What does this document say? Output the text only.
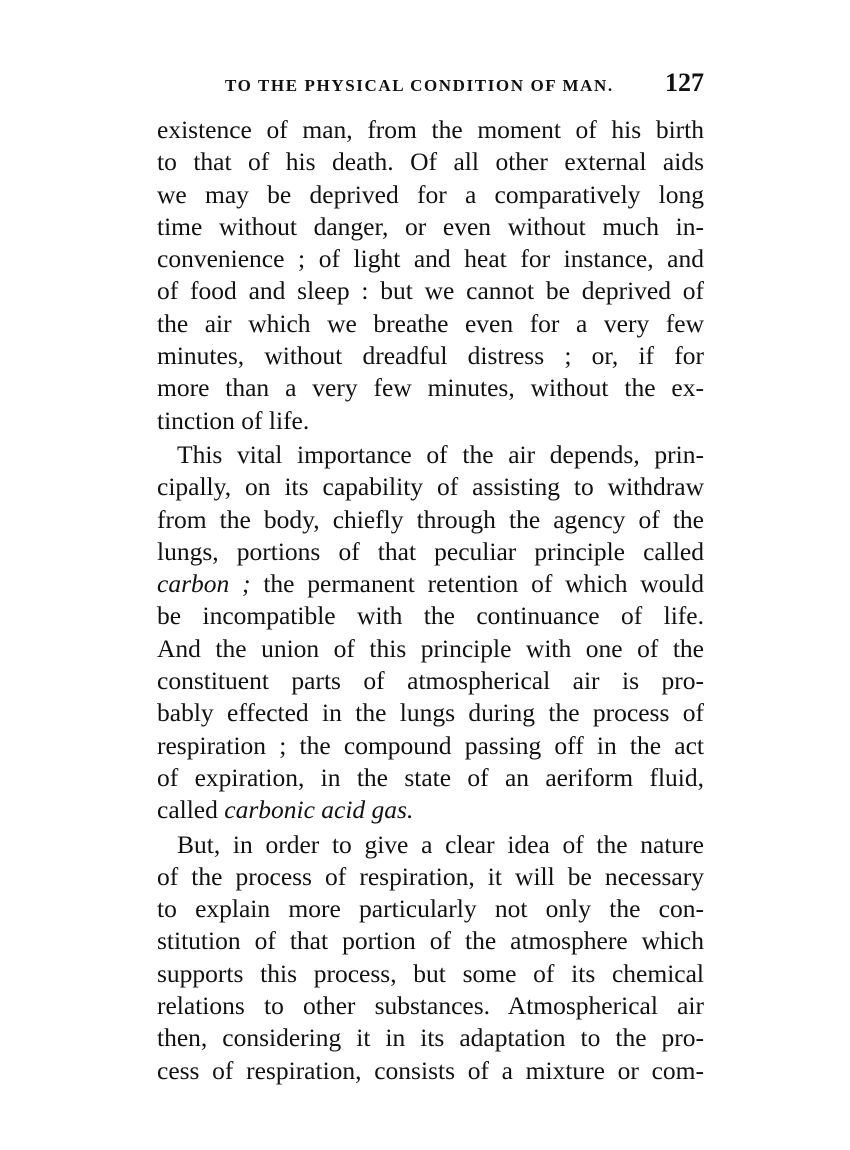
TO THE PHYSICAL CONDITION OF MAN. 127
existence of man, from the moment of his birth
to that of his death. Of all other external aids
we may be deprived for a comparatively long
time without danger, or even without much in-
convenience ; of light and heat for instance, and
of food and sleep : but we cannot be deprived of
the air which we breathe even for a very few
minutes, without dreadful distress ; or, if for
more than a very few minutes, without the ex-
tinction of life.
This vital importance of the air depends, prin-
cipally, on its capability of assisting to withdraw
from the body, chiefly through the agency of the
lungs, portions of that peculiar principle called
carbon ; the permanent retention of which would
be incompatible with the continuance of life.
And the union of this principle with one of the
constituent parts of atmospherical air is pro-
bably effected in the lungs during the process of
respiration ; the compound passing off in the act
of expiration, in the state of an aeriform fluid,
called carbonic acid gas.
But, in order to give a clear idea of the nature
of the process of respiration, it will be necessary
to explain more particularly not only the con-
stitution of that portion of the atmosphere which
supports this process, but some of its chemical
relations to other substances. Atmospherical air
then, considering it in its adaptation to the pro-
cess of respiration, consists of a mixture or com-
